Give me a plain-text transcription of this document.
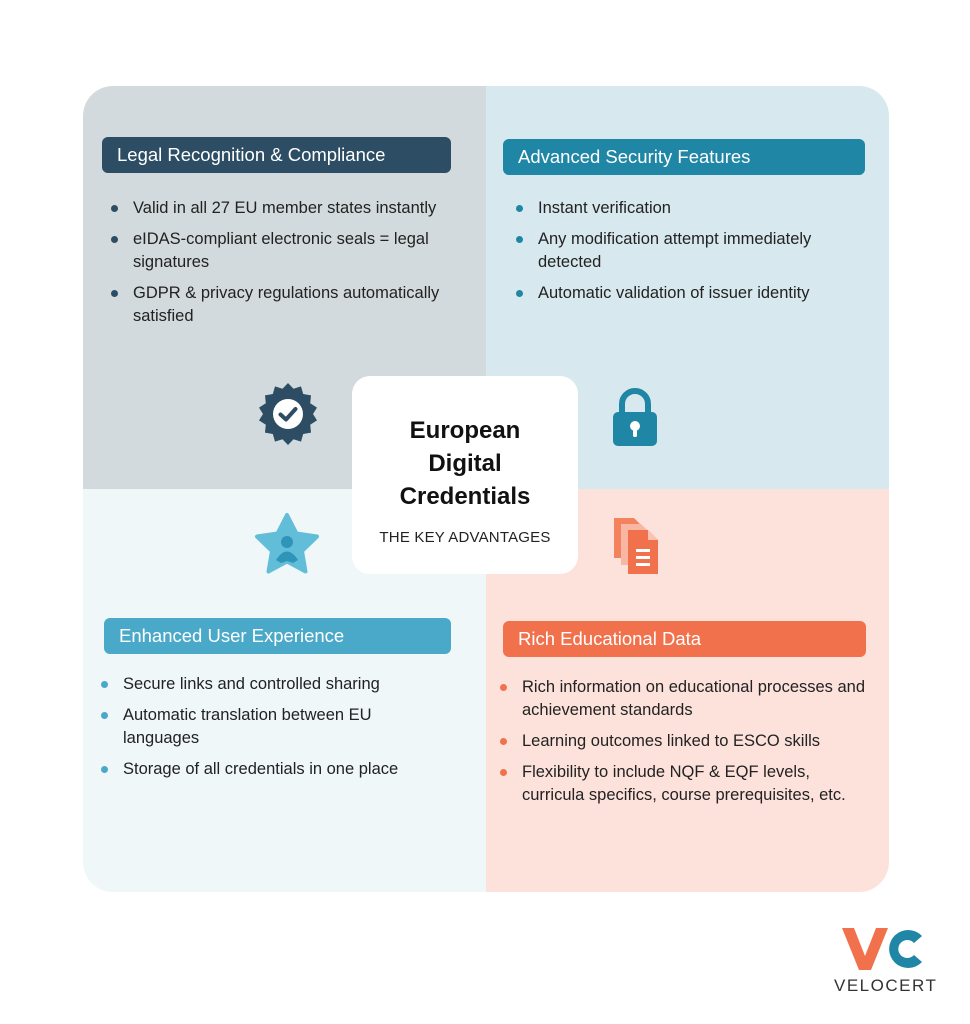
Legal Recognition & Compliance
Valid in all 27 EU member states instantly
eIDAS-compliant electronic seals = legal signatures
GDPR & privacy regulations automatically satisfied
Advanced Security Features
Instant verification
Any modification attempt immediately detected
Automatic validation of issuer identity
Enhanced User Experience
Secure links and controlled sharing
Automatic translation between EU languages
Storage of all credentials in one place
Rich Educational Data
Rich information on educational processes and achievement standards
Learning outcomes linked to ESCO skills
Flexibility to include NQF & EQF levels, curricula specifics, course prerequisites, etc.
European Digital Credentials
THE KEY ADVANTAGES
VELOCERT
